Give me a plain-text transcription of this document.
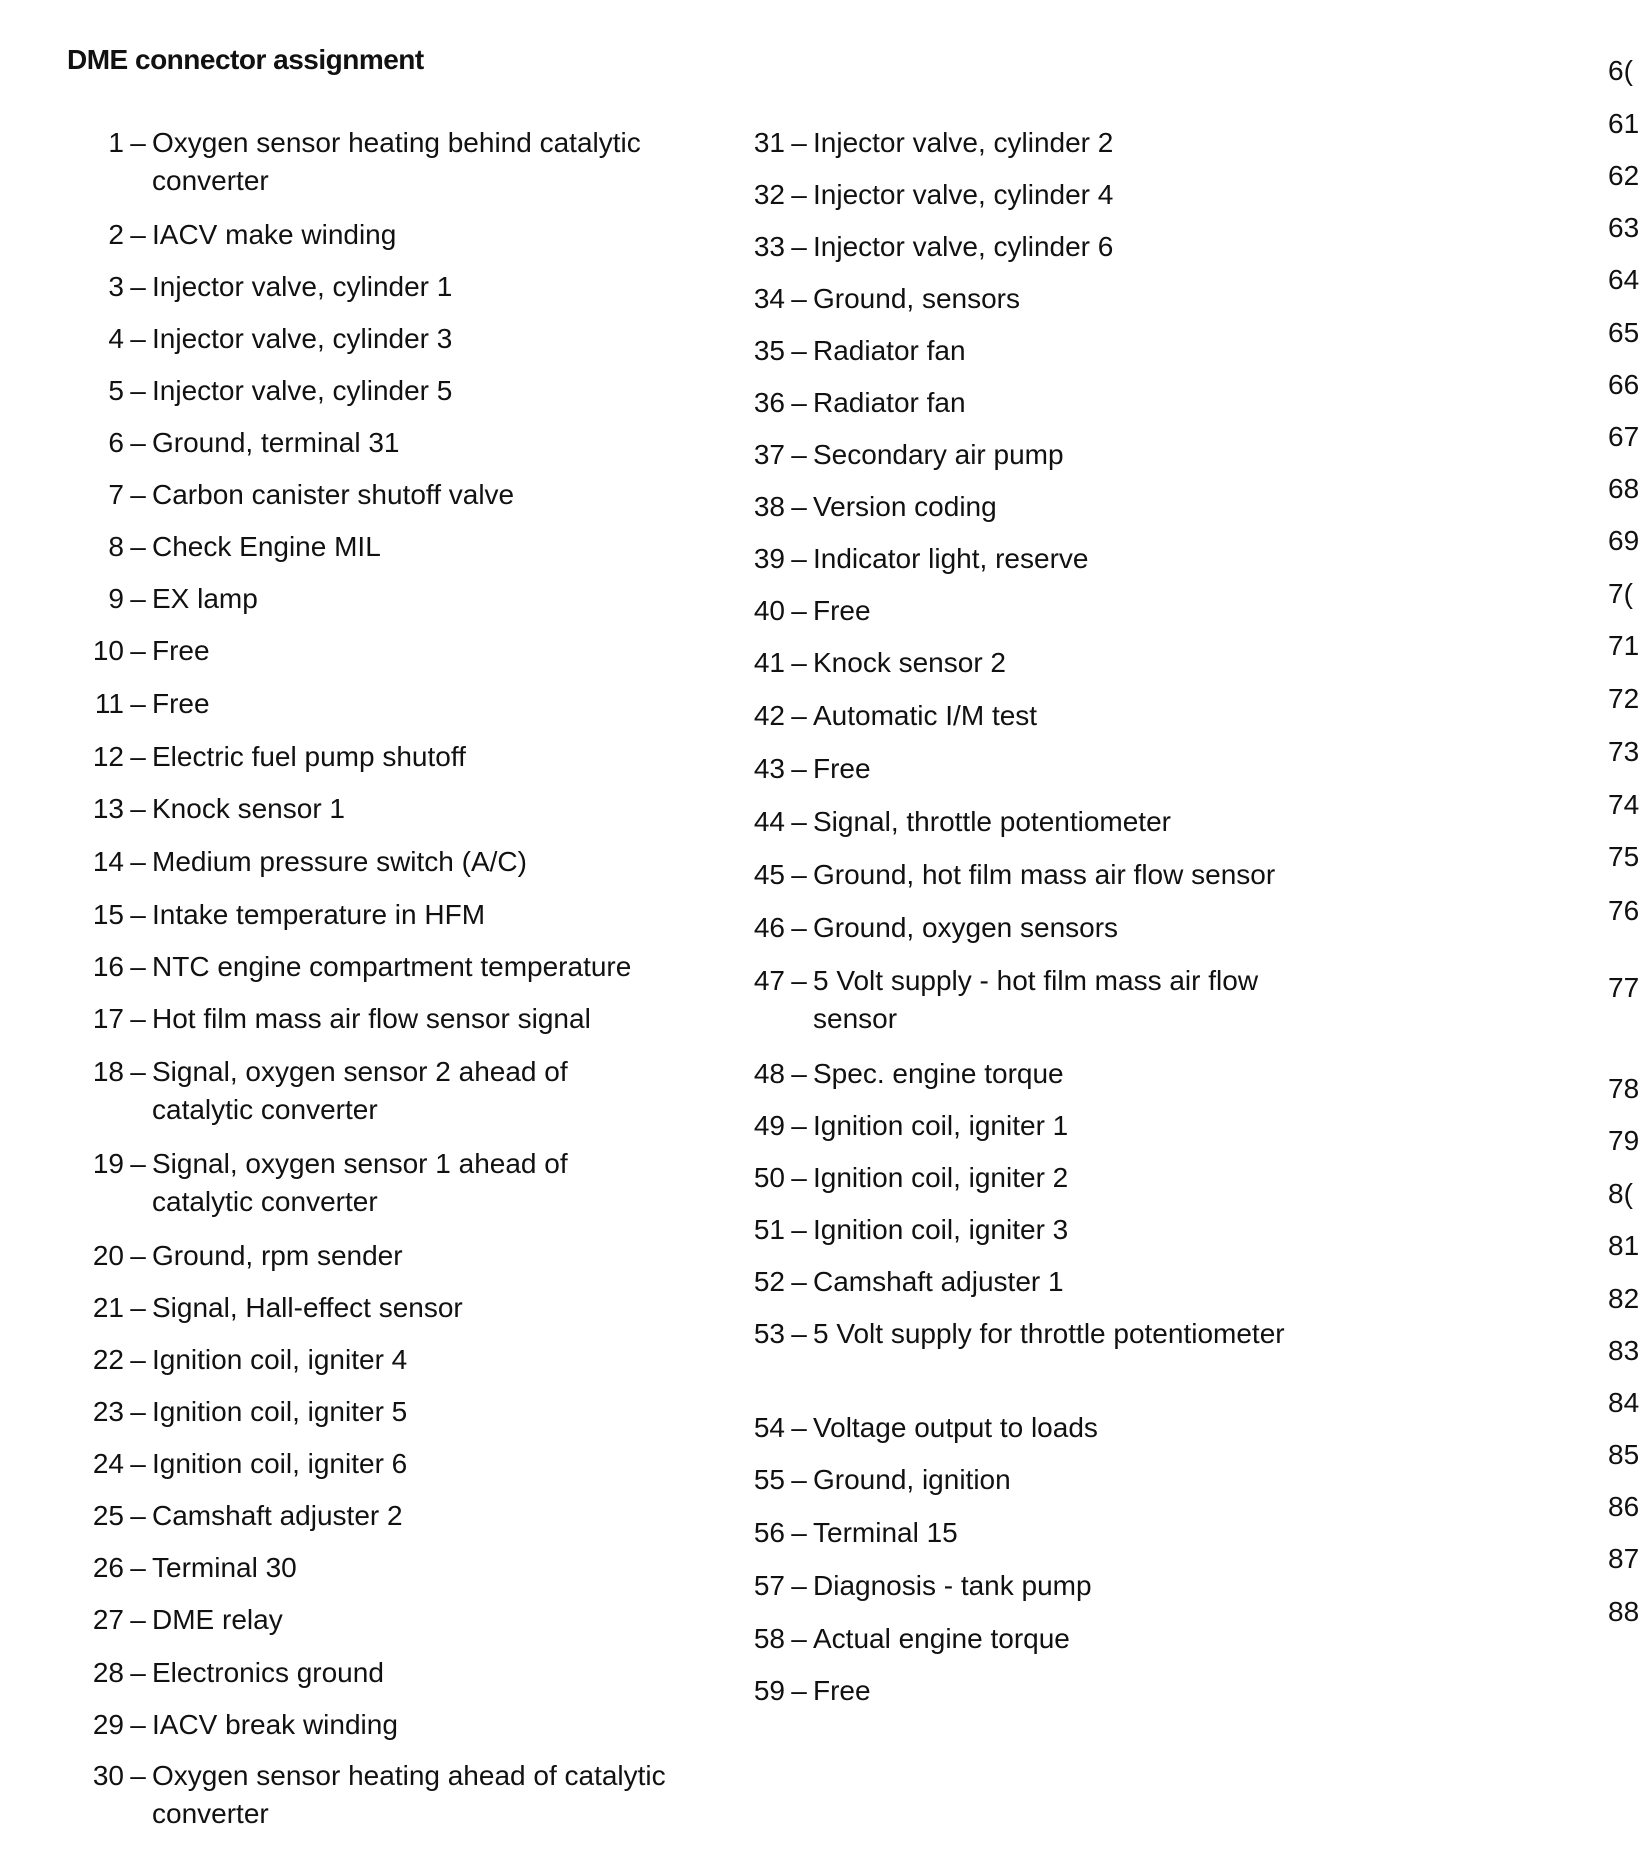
DME connector assignment
1 – Oxygen sensor heating behind catalytic converter
2 – IACV make winding
3 – Injector valve, cylinder 1
4 – Injector valve, cylinder 3
5 – Injector valve, cylinder 5
6 – Ground, terminal 31
7 – Carbon canister shutoff valve
8 – Check Engine MIL
9 – EX lamp
10 – Free
11 – Free
12 – Electric fuel pump shutoff
13 – Knock sensor 1
14 – Medium pressure switch (A/C)
15 – Intake temperature in HFM
16 – NTC engine compartment temperature
17 – Hot film mass air flow sensor signal
18 – Signal, oxygen sensor 2 ahead of catalytic converter
19 – Signal, oxygen sensor 1 ahead of catalytic converter
20 – Ground, rpm sender
21 – Signal, Hall-effect sensor
22 – Ignition coil, igniter 4
23 – Ignition coil, igniter 5
24 – Ignition coil, igniter 6
25 – Camshaft adjuster 2
26 – Terminal 30
27 – DME relay
28 – Electronics ground
29 – IACV break winding
30 – Oxygen sensor heating ahead of catalytic converter
31 – Injector valve, cylinder 2
32 – Injector valve, cylinder 4
33 – Injector valve, cylinder 6
34 – Ground, sensors
35 – Radiator fan
36 – Radiator fan
37 – Secondary air pump
38 – Version coding
39 – Indicator light, reserve
40 – Free
41 – Knock sensor 2
42 – Automatic I/M test
43 – Free
44 – Signal, throttle potentiometer
45 – Ground, hot film mass air flow sensor
46 – Ground, oxygen sensors
47 – 5 Volt supply - hot film mass air flow sensor
48 – Spec. engine torque
49 – Ignition coil, igniter 1
50 – Ignition coil, igniter 2
51 – Ignition coil, igniter 3
52 – Camshaft adjuster 1
53 – 5 Volt supply for throttle potentiometer
54 – Voltage output to loads
55 – Ground, ignition
56 – Terminal 15
57 – Diagnosis - tank pump
58 – Actual engine torque
59 – Free
6(
61
62
63
64
65
66
67
68
69
7(
71
72
73
74
75
76
77
78
79
8(
81
82
83
84
85
86
87
88
